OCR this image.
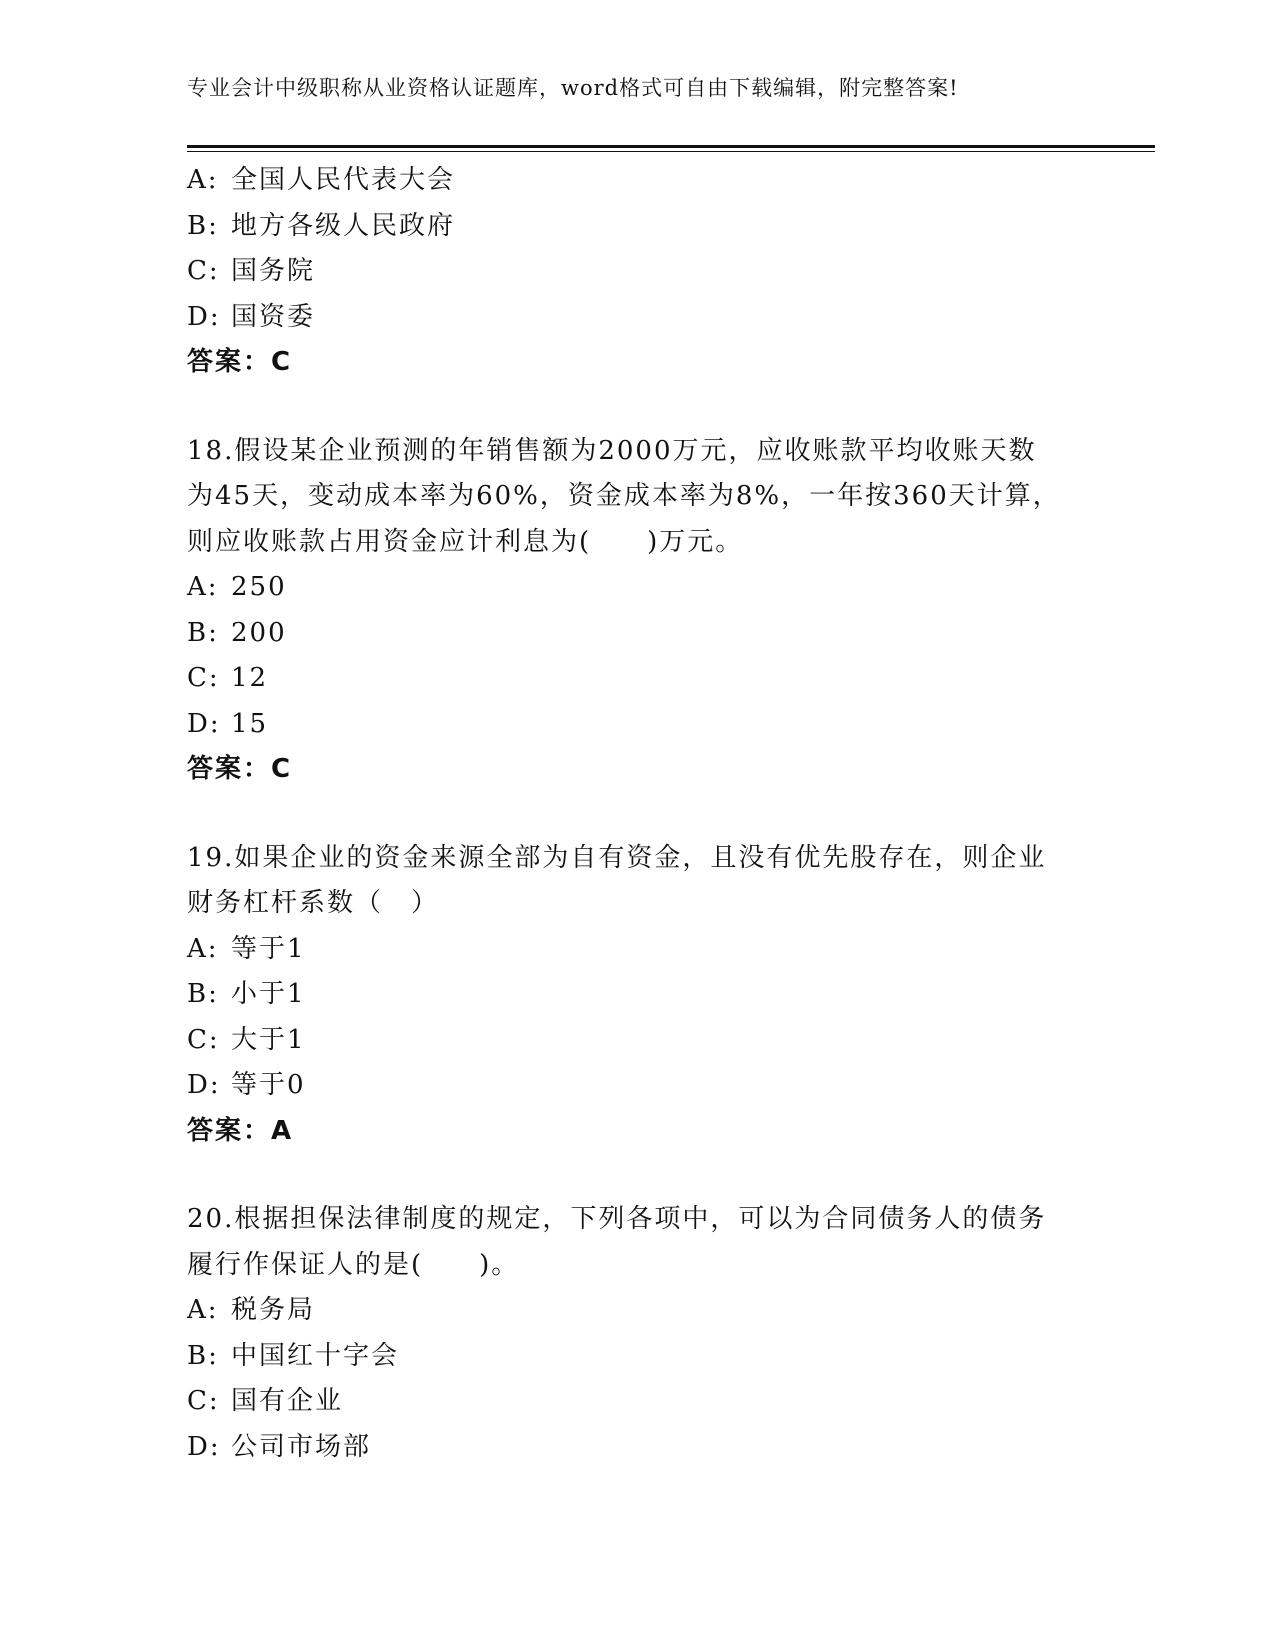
专业会计中级职称从业资格认证题库，word格式可自由下载编辑，附完整答案!
A: 全国人民代表大会
B: 地方各级人民政府
C: 国务院
D: 国资委
答案：C
18.假设某企业预测的年销售额为2000万元，应收账款平均收账天数
为45天，变动成本率为60%，资金成本率为8%，一年按360天计算，
则应收账款占用资金应计利息为(　　)万元。
A: 250
B: 200
C: 12
D: 15
答案：C
19.如果企业的资金来源全部为自有资金，且没有优先股存在，则企业
财务杠杆系数（　）
A: 等于1
B: 小于1
C: 大于1
D: 等于0
答案：A
20.根据担保法律制度的规定，下列各项中，可以为合同债务人的债务
履行作保证人的是(　　)。
A: 税务局
B: 中国红十字会
C: 国有企业
D: 公司市场部
